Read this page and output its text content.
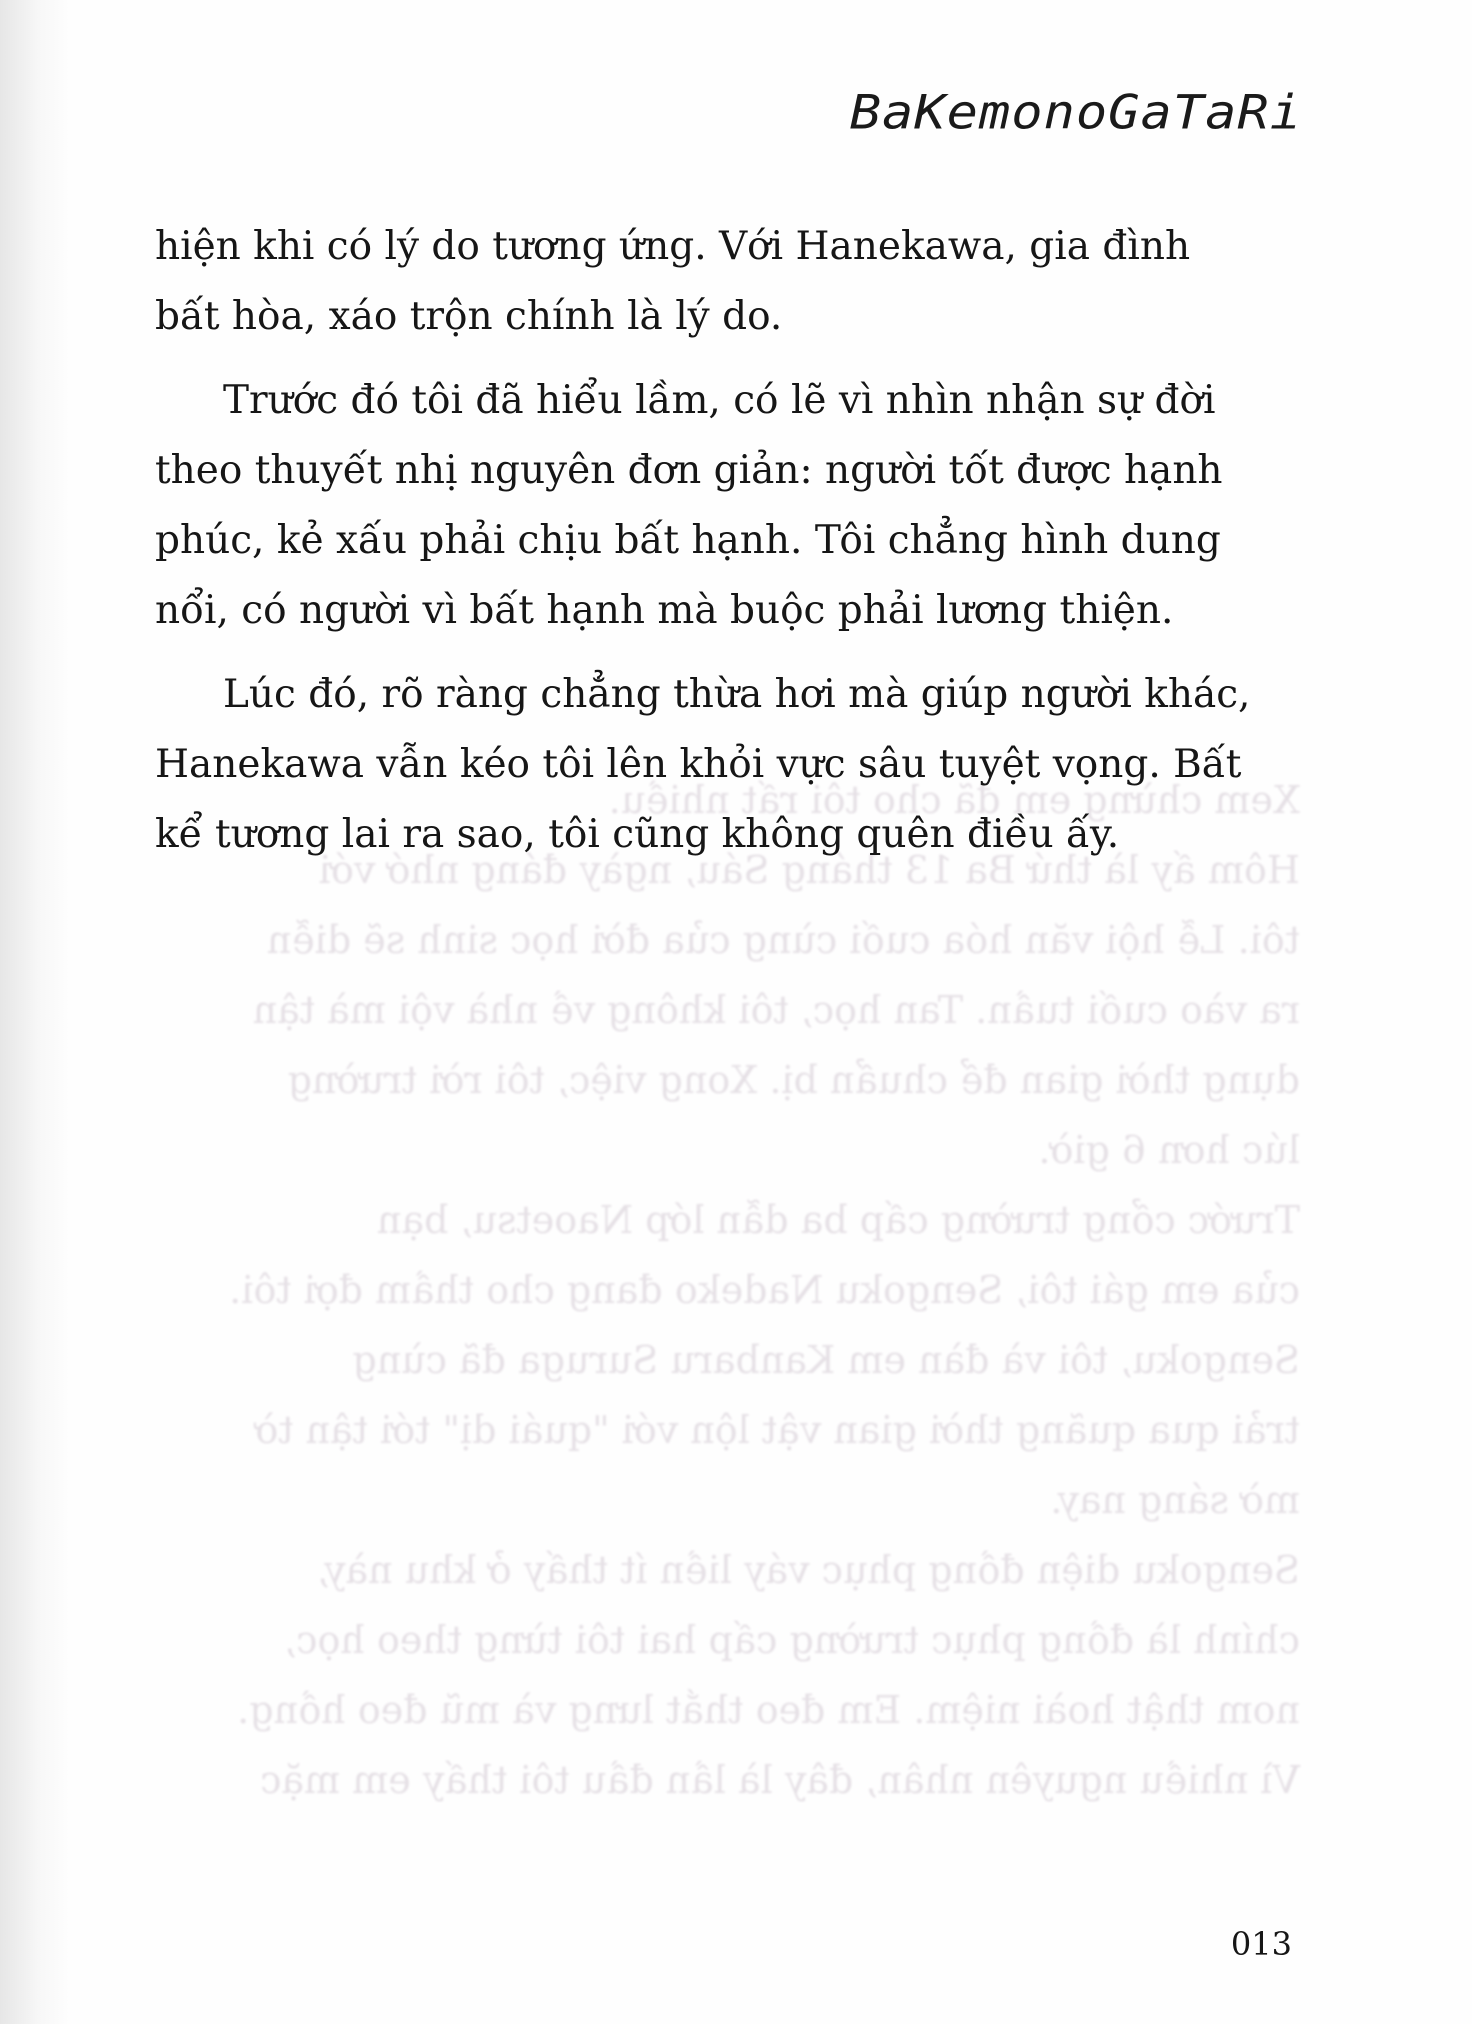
BaKemonoGaTaRi

Xem chừng em đã cho tôi rất nhiều.

Hôm ấy là thứ Ba 13 tháng Sáu, ngày đáng nhớ với

tôi. Lễ hội văn hóa cuối cùng của đời học sinh sẽ diễn

ra vào cuối tuần. Tan học, tôi không về nhà vội mà tận

dụng thời gian để chuẩn bị. Xong việc, tôi rời trường

lúc hơn 6 giờ.

Trước cổng trường cấp ba dẫn lớp Naoetsu, bạn

của em gái tôi, Sengoku Nadeko đang cho thầm đợi tôi.

Sengoku, tôi và đàn em Kanbaru Suruga đã cùng

trải qua quãng thời gian vật lộn với "quái dị" tới tận tờ

mờ sáng nay.

Sengoku diện đồng phục váy liền ít thấy ở khu này,

chính là đồng phục trường cấp hai tôi từng theo học,

nom thật hoài niệm. Em đeo thắt lưng và mũ đeo hồng.

Vì nhiều nguyên nhân, đây là lần đầu tôi thấy em mặc

hiện khi có lý do tương ứng. Với Hanekawa, gia đình
bất hòa, xáo trộn chính là lý do.

Trước đó tôi đã hiểu lầm, có lẽ vì nhìn nhận sự đời
theo thuyết nhị nguyên đơn giản: người tốt được hạnh
phúc, kẻ xấu phải chịu bất hạnh. Tôi chẳng hình dung
nổi, có người vì bất hạnh mà buộc phải lương thiện.

Lúc đó, rõ ràng chẳng thừa hơi mà giúp người khác,
Hanekawa vẫn kéo tôi lên khỏi vực sâu tuyệt vọng. Bất
kể tương lai ra sao, tôi cũng không quên điều ấy.

013
